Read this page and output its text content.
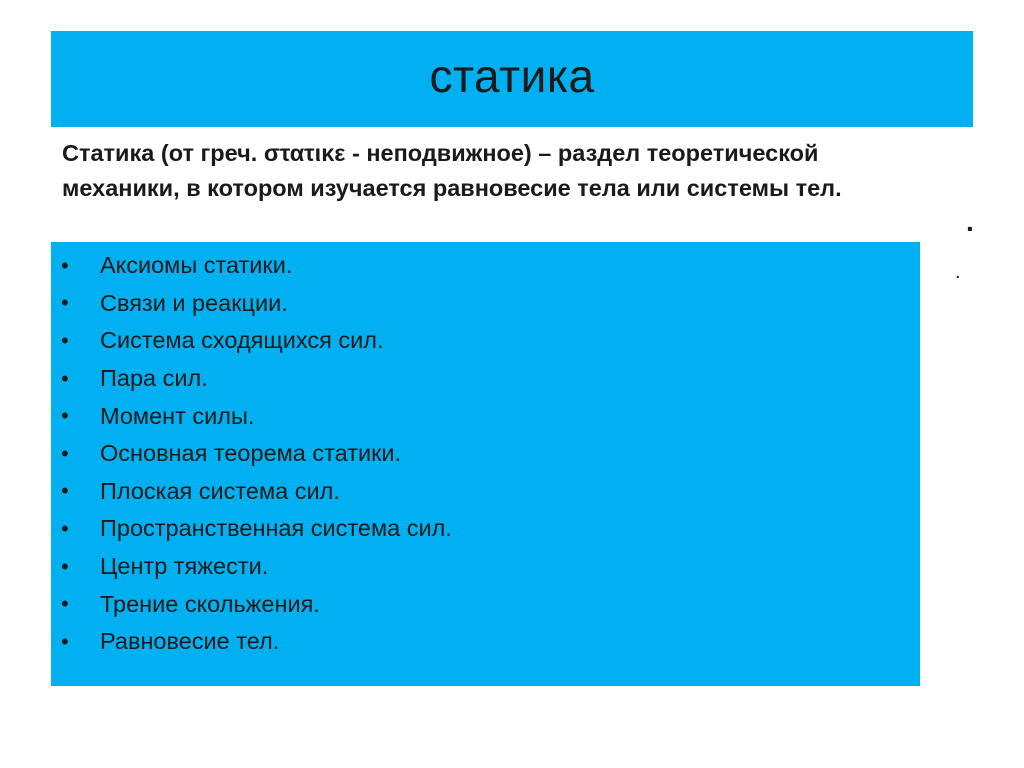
статика
Статика (от греч. στατικε - неподвижное) – раздел теоретической механики, в котором изучается равновесие тела или системы тел.
.
.
• Аксиомы статики.
• Связи и реакции.
• Система сходящихся сил.
• Пара сил.
• Момент силы.
• Основная теорема статики.
• Плоская система сил.
• Пространственная система сил.
• Центр тяжести.
• Трение скольжения.
• Равновесие тел.
